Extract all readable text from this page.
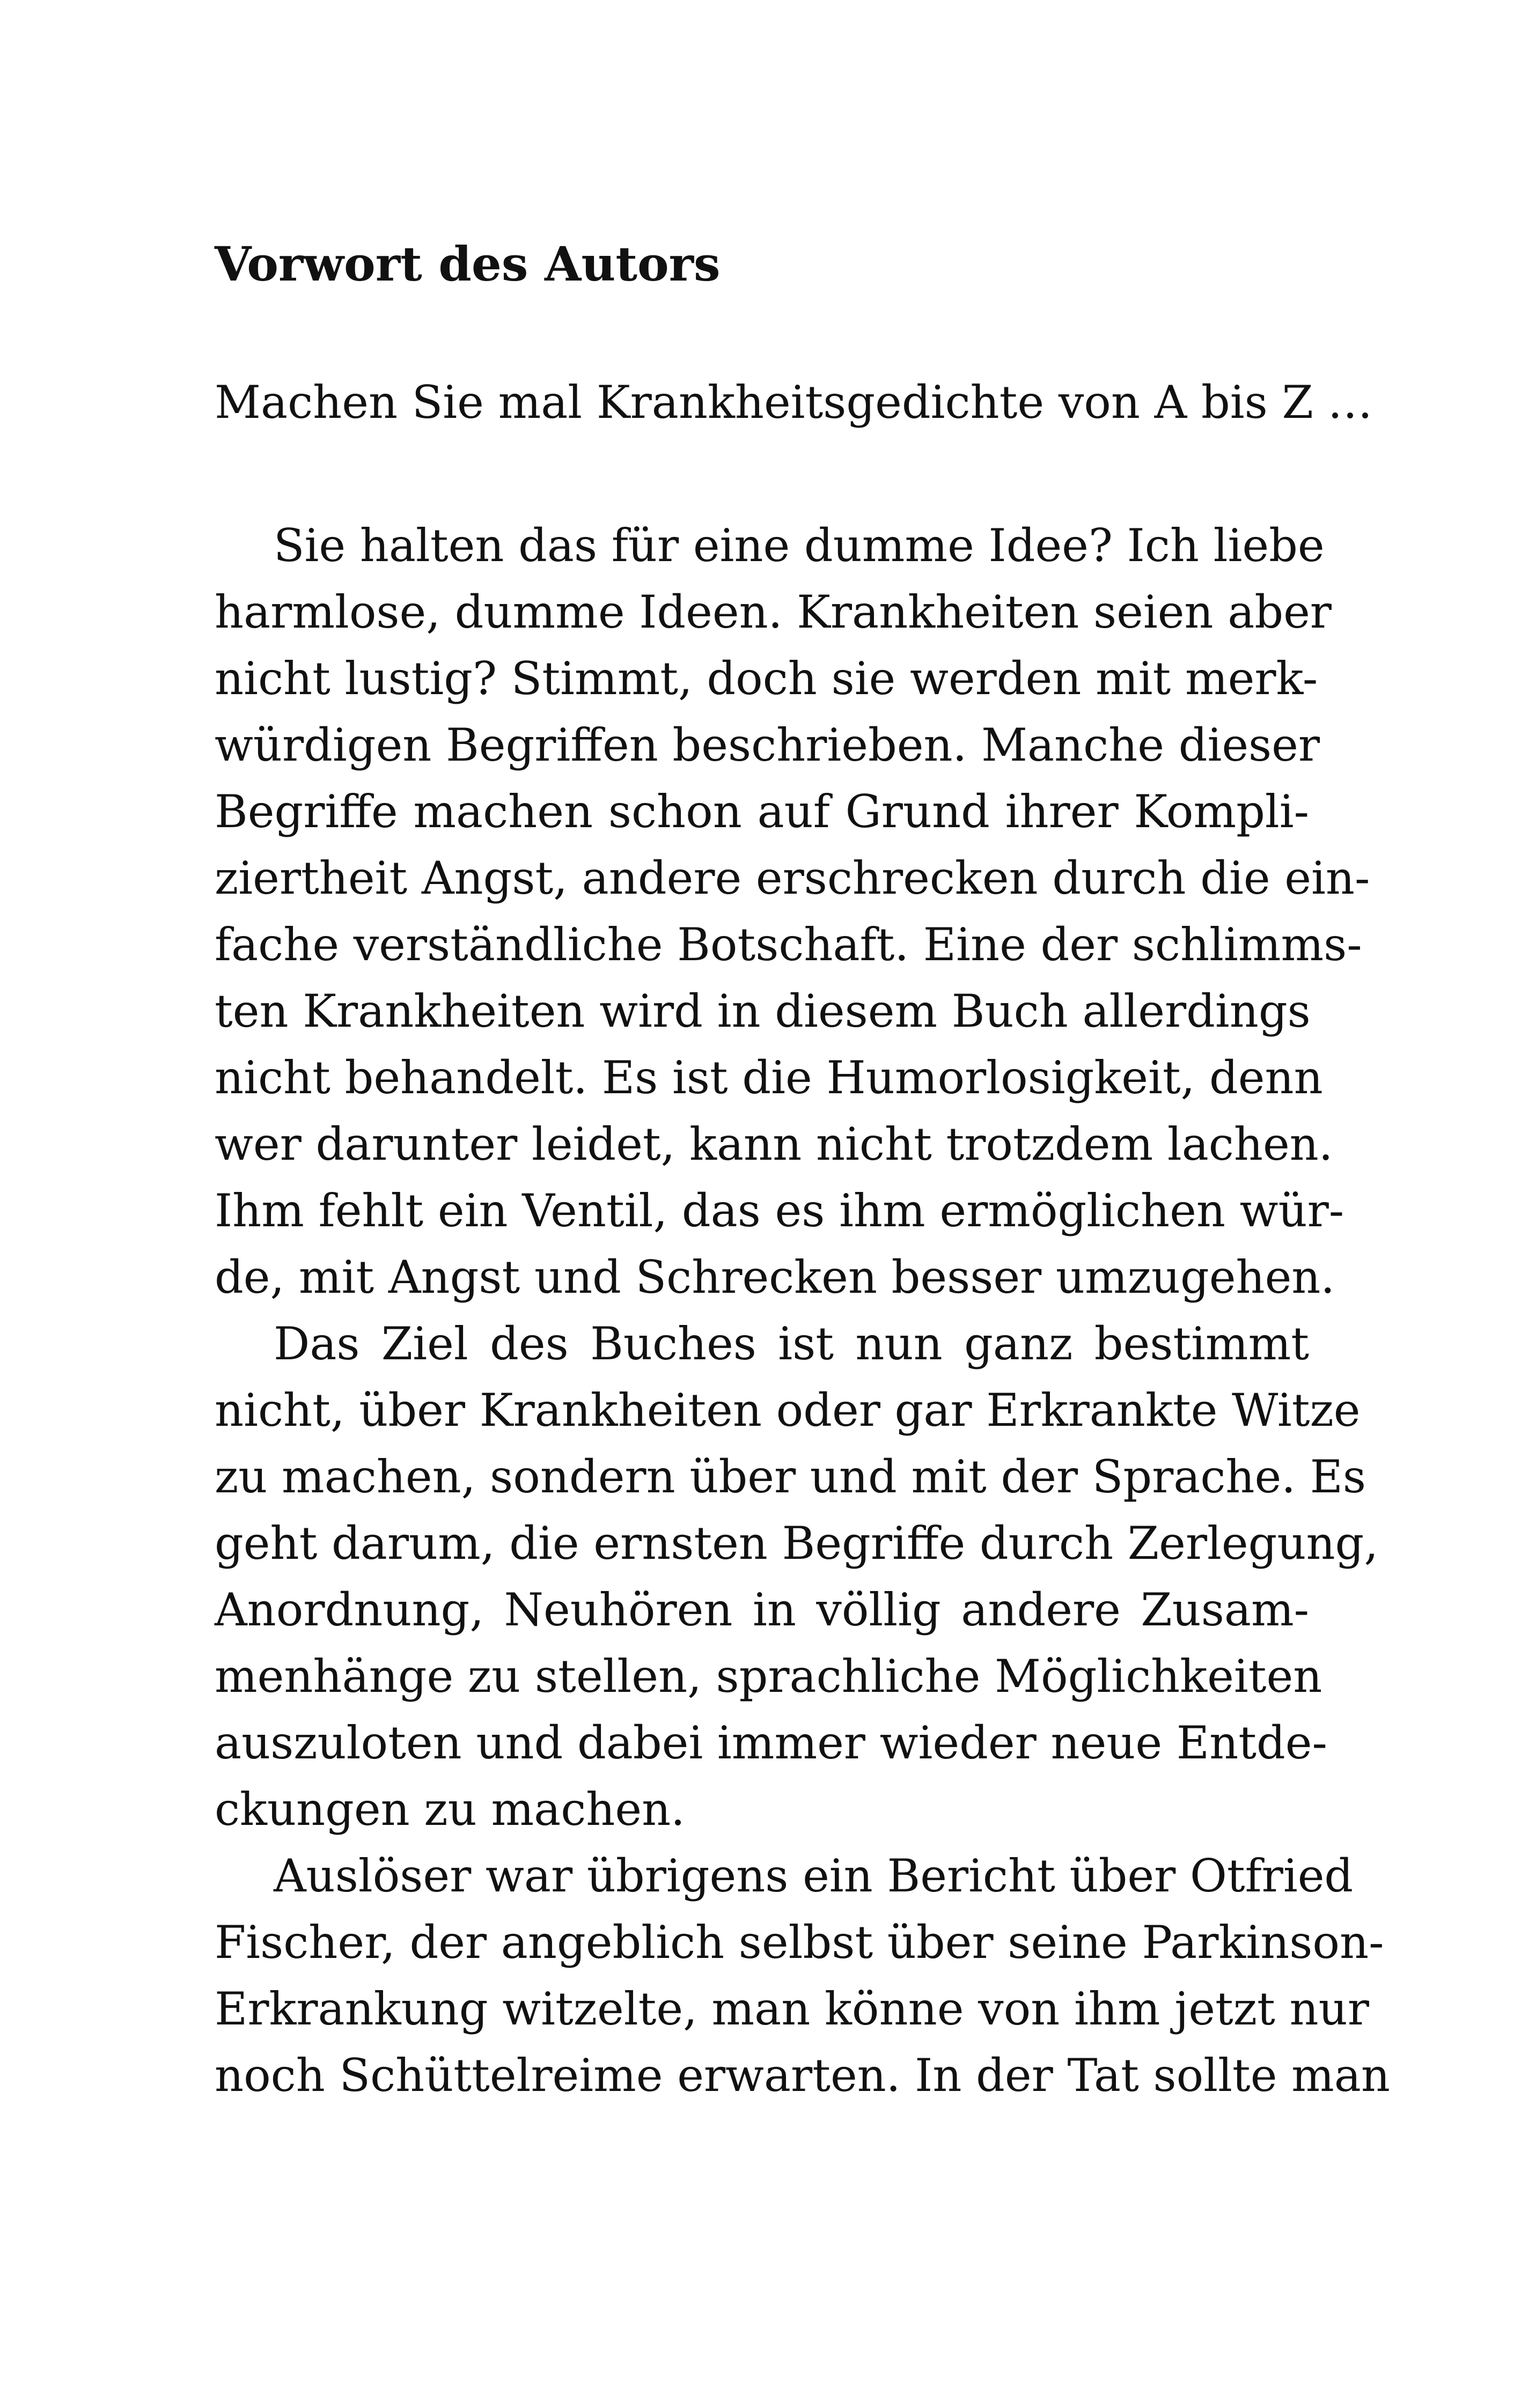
Vorwort des Autors

Machen Sie mal Krankheitsgedichte von A bis Z …

Sie halten das für eine dumme Idee? Ich liebe
harmlose, dumme Ideen. Krankheiten seien aber
nicht lustig? Stimmt, doch sie werden mit merk-
würdigen Begriffen beschrieben. Manche dieser
Begriffe machen schon auf Grund ihrer Kompli-
ziertheit Angst, andere erschrecken durch die ein-
fache verständliche Botschaft. Eine der schlimms-
ten Krankheiten wird in diesem Buch allerdings
nicht behandelt. Es ist die Humorlosigkeit, denn
wer darunter leidet, kann nicht trotzdem lachen.
Ihm fehlt ein Ventil, das es ihm ermöglichen wür-
de, mit Angst und Schrecken besser umzugehen.
Das Ziel des Buches ist nun ganz bestimmt
nicht, über Krankheiten oder gar Erkrankte Witze
zu machen, sondern über und mit der Sprache. Es
geht darum, die ernsten Begriffe durch Zerlegung,
Anordnung, Neuhören in völlig andere Zusam-
menhänge zu stellen, sprachliche Möglichkeiten
auszuloten und dabei immer wieder neue Entde-
ckungen zu machen.
Auslöser war übrigens ein Bericht über Otfried
Fischer, der angeblich selbst über seine Parkinson-
Erkrankung witzelte, man könne von ihm jetzt nur
noch Schüttelreime erwarten. In der Tat sollte man
